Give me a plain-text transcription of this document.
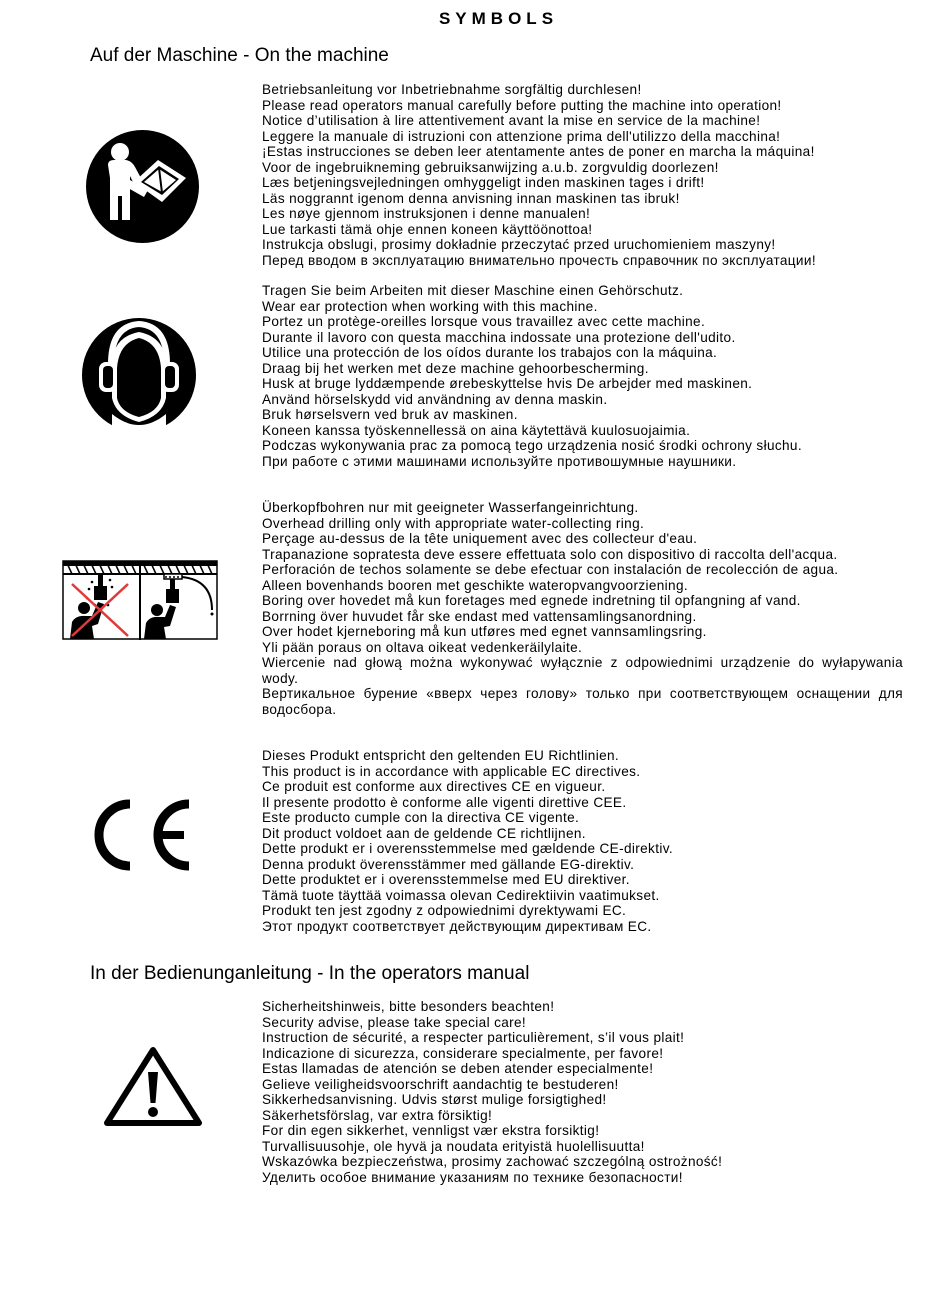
SYMBOLS
Auf der Maschine - On the machine
Betriebsanleitung vor Inbetriebnahme sorgfältig durchlesen!
Please read operators manual carefully before putting the machine into operation!
Notice d’utilisation à lire attentivement avant la mise en service de la machine!
Leggere la manuale di istruzioni con attenzione prima dell'utilizzo della macchina!
¡Estas instrucciones se deben leer atentamente antes de poner en marcha la máquina!
Voor de ingebruikneming gebruiksanwijzing a.u.b. zorgvuldig doorlezen!
Læs betjeningsvejledningen omhyggeligt inden maskinen tages i drift!
Läs noggrannt igenom denna anvisning innan maskinen tas ibruk!
Les nøye gjennom instruksjonen i denne manualen!
Lue tarkasti tämä ohje ennen koneen käyttöönottoa!
Instrukcja obslugi, prosimy dokładnie przeczytać przed uruchomieniem maszyny!
Перед вводом в эксплуатацию внимательно прочесть справочник по эксплуатации!
Tragen Sie beim Arbeiten mit dieser Maschine einen Gehörschutz.
Wear ear protection when working with this machine.
Portez un protège-oreilles lorsque vous travaillez avec cette machine.
Durante il lavoro con questa macchina indossate una protezione dell'udito.
Utilice una protección de los oídos durante los trabajos con la máquina.
Draag bij het werken met deze machine gehoorbescherming.
Husk at bruge lyddæmpende ørebeskyttelse hvis De arbejder med maskinen.
Använd hörselskydd vid användning av denna maskin.
Bruk hørselsvern ved bruk av maskinen.
Koneen kanssa työskennellessä on aina käytettävä kuulosuojaimia.
Podczas wykonywania prac za pomocą tego urządzenia nosić środki ochrony słuchu.
При работе с этими машинами используйте противошумные наушники.
Überkopfbohren nur mit geeigneter Wasserfangeinrichtung.
Overhead drilling only with appropriate water-collecting ring.
Perçage au-dessus de la tête uniquement avec des collecteur d'eau.
Trapanazione sopratesta deve essere effettuata solo con dispositivo di raccolta dell'acqua.
Perforación de techos solamente se debe efectuar con instalación de recolección de agua.
Alleen bovenhands booren met geschikte wateropvangvoorziening.
Boring over hovedet må kun foretages med egnede indretning til opfangning af vand.
Borrning över huvudet får ske endast med vattensamlingsanordning.
Over hodet kjerneboring må kun utføres med egnet vannsamlingsring.
Yli pään poraus on oltava oikeat vedenkeräilylaite.
Wiercenie nad głową można wykonywać wyłącznie z odpowiednimi urządzenie do wyłapywania wody.
Вертикальное бурение «вверх через голову» только при соответствующем оснащении для водосбора.
Dieses Produkt entspricht den geltenden EU Richtlinien.
This product is in accordance with applicable EC directives.
Ce produit est conforme aux directives CE en vigueur.
Il presente prodotto è conforme alle vigenti direttive CEE.
Este producto cumple con la directiva CE vigente.
Dit product voldoet aan de geldende CE richtlijnen.
Dette produkt er i overensstemmelse med gældende CE-direktiv.
Denna produkt överensstämmer med gällande EG-direktiv.
Dette produktet er i overensstemmelse med EU direktiver.
Tämä tuote täyttää voimassa olevan Cedirektiivin vaatimukset.
Produkt ten jest zgodny z odpowiednimi dyrektywami EC.
Этот продукт соответствует действующим директивам ЕС.
In der Bedienunganleitung - In the operators manual
Sicherheitshinweis, bitte besonders beachten!
Security advise, please take special care!
Instruction de sécurité, a respecter particulièrement, s’il vous plait!
Indicazione di sicurezza, considerare specialmente, per favore!
Estas llamadas de atención se deben atender especialmente!
Gelieve veiligheidsvoorschrift aandachtig te bestuderen!
Sikkerhedsanvisning. Udvis størst mulige forsigtighed!
Säkerhetsförslag, var extra försiktig!
For din egen sikkerhet, vennligst vær ekstra forsiktig!
Turvallisuusohje, ole hyvä ja noudata erityistä huolellisuutta!
Wskazówka bezpieczeństwa, prosimy zachować szczególną ostrożność!
Уделить особое внимание указаниям по технике безопасности!
